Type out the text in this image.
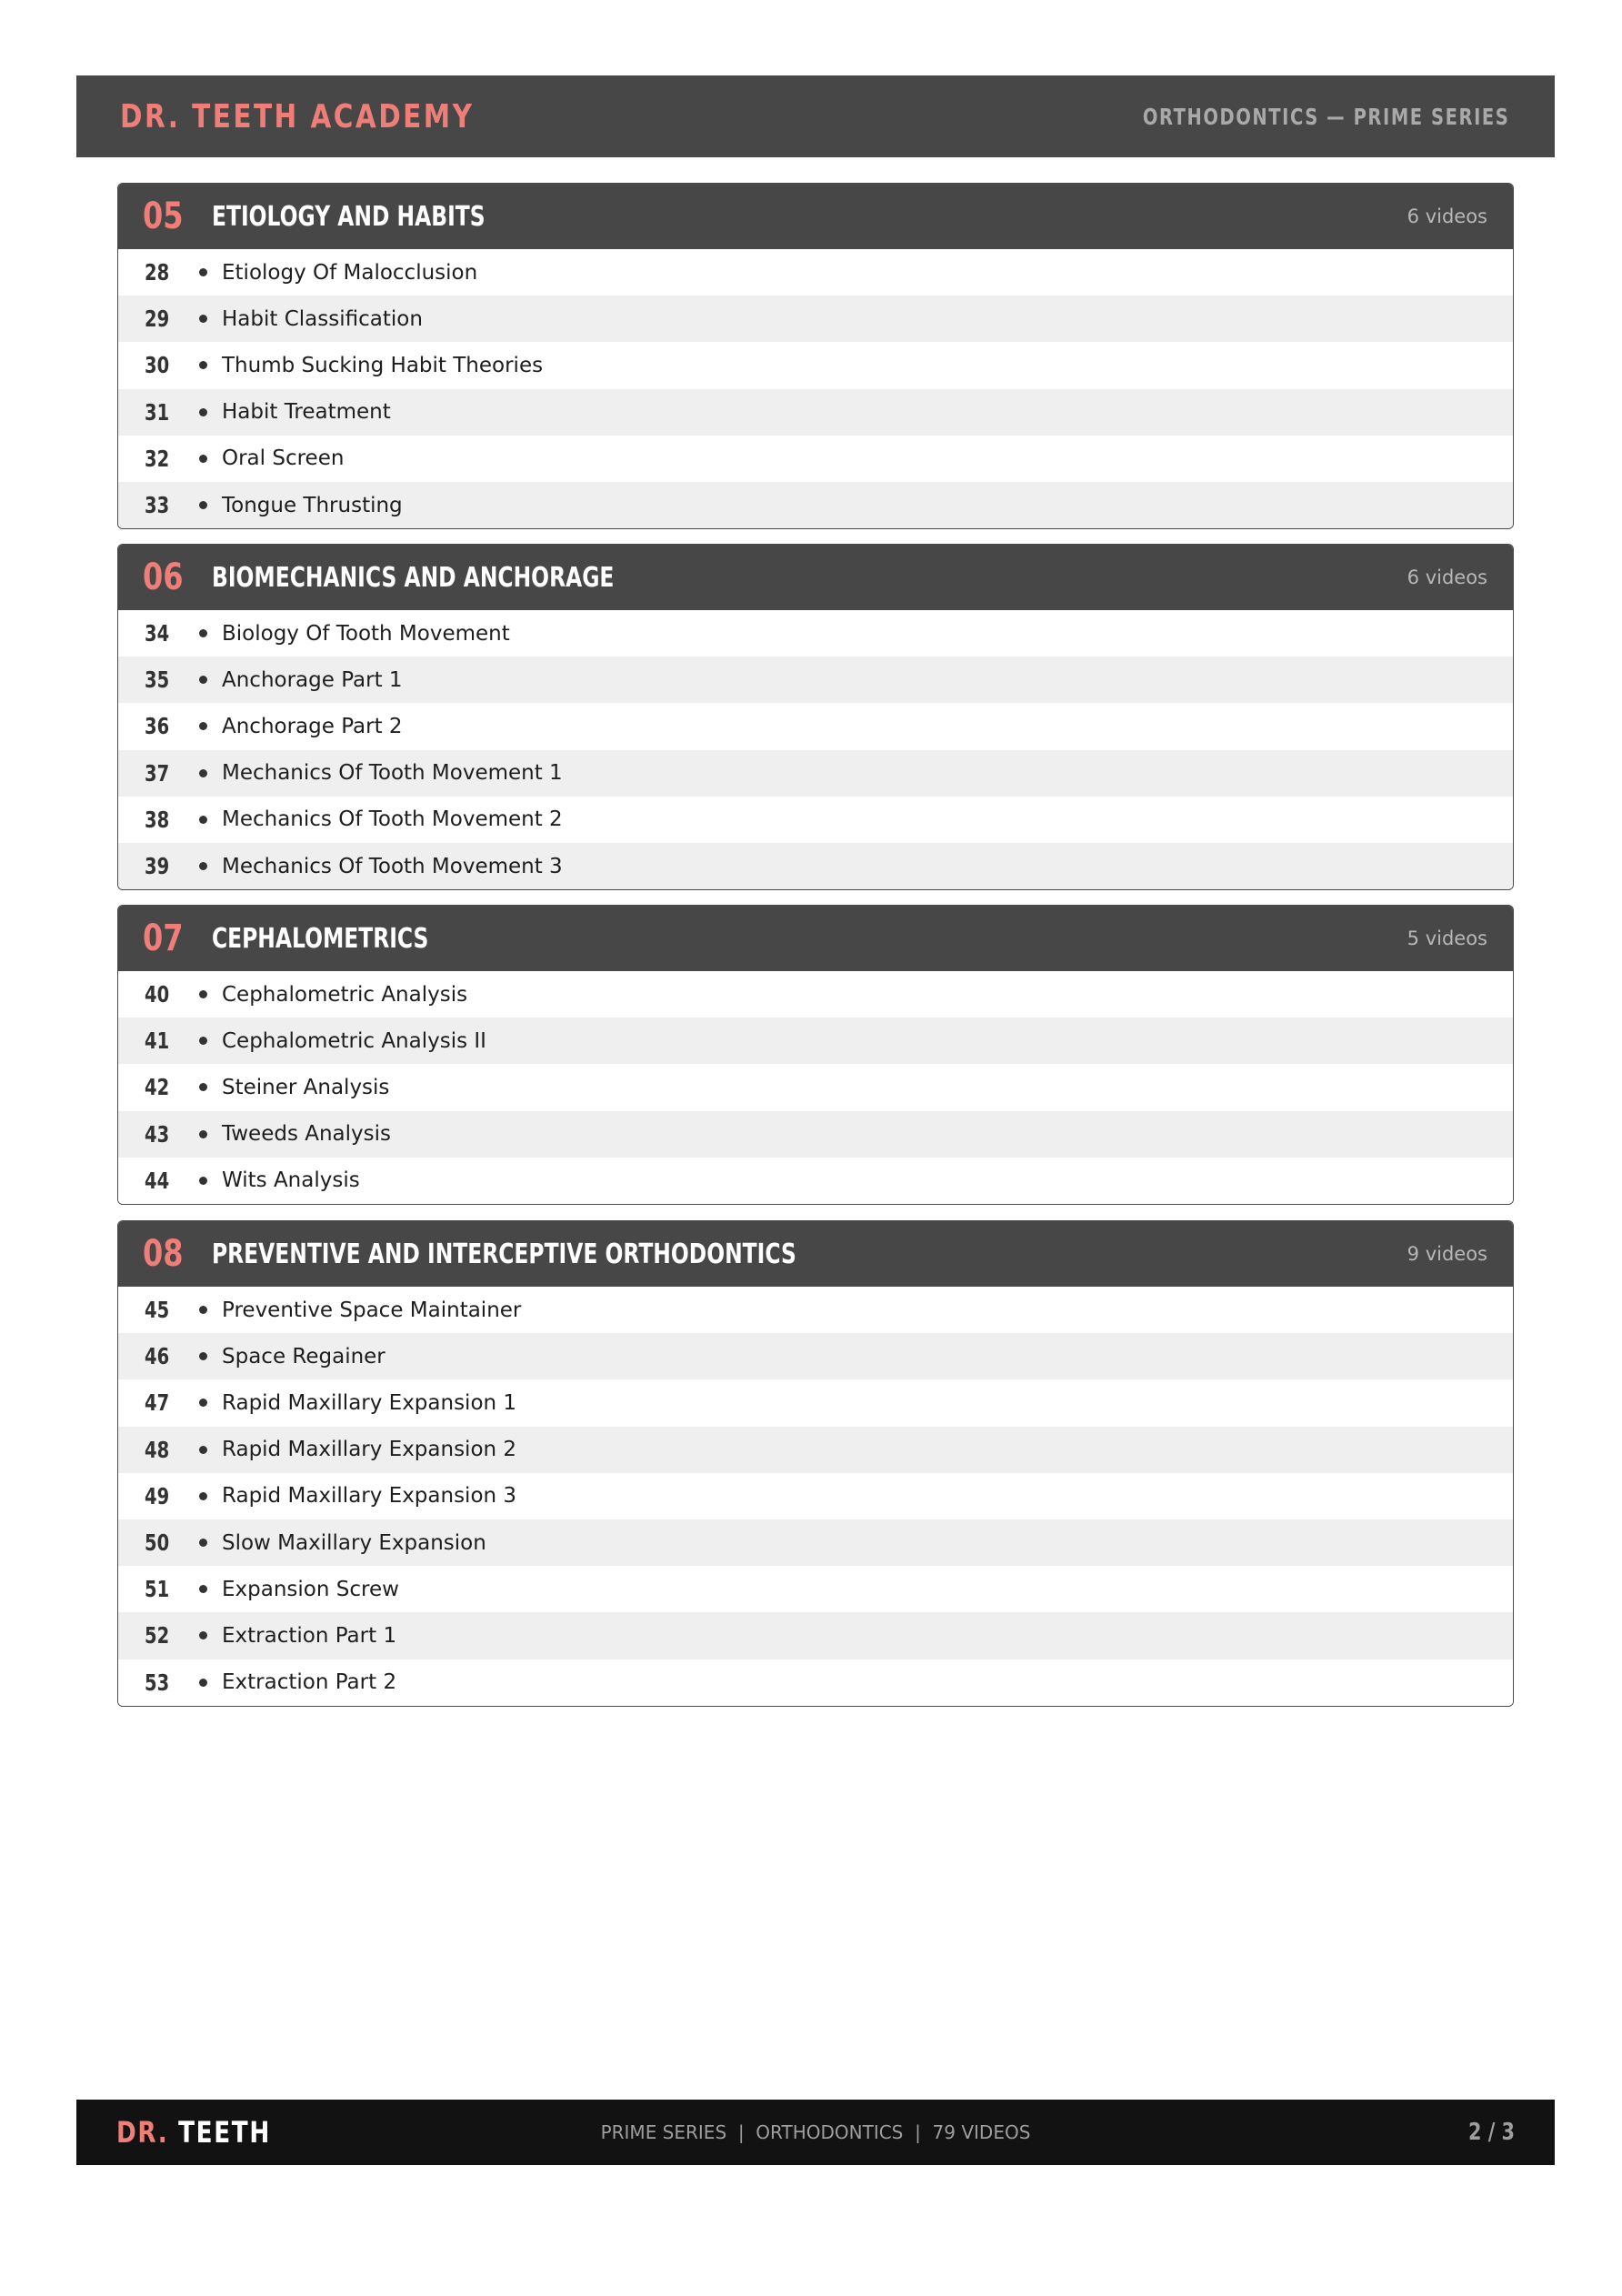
DR. TEETH ACADEMY	ORTHODONTICS — PRIME SERIES
05	ETIOLOGY AND HABITS	6 videos
28	Etiology Of Malocclusion
29	Habit Classification
30	Thumb Sucking Habit Theories
31	Habit Treatment
32	Oral Screen
33	Tongue Thrusting
06	BIOMECHANICS AND ANCHORAGE	6 videos
34	Biology Of Tooth Movement
35	Anchorage Part 1
36	Anchorage Part 2
37	Mechanics Of Tooth Movement 1
38	Mechanics Of Tooth Movement 2
39	Mechanics Of Tooth Movement 3
07	CEPHALOMETRICS	5 videos
40	Cephalometric Analysis
41	Cephalometric Analysis II
42	Steiner Analysis
43	Tweeds Analysis
44	Wits Analysis
08	PREVENTIVE AND INTERCEPTIVE ORTHODONTICS	9 videos
45	Preventive Space Maintainer
46	Space Regainer
47	Rapid Maxillary Expansion 1
48	Rapid Maxillary Expansion 2
49	Rapid Maxillary Expansion 3
50	Slow Maxillary Expansion
51	Expansion Screw
52	Extraction Part 1
53	Extraction Part 2
DR. TEETH	PRIME SERIES  |  ORTHODONTICS  |  79 VIDEOS	2 / 3
